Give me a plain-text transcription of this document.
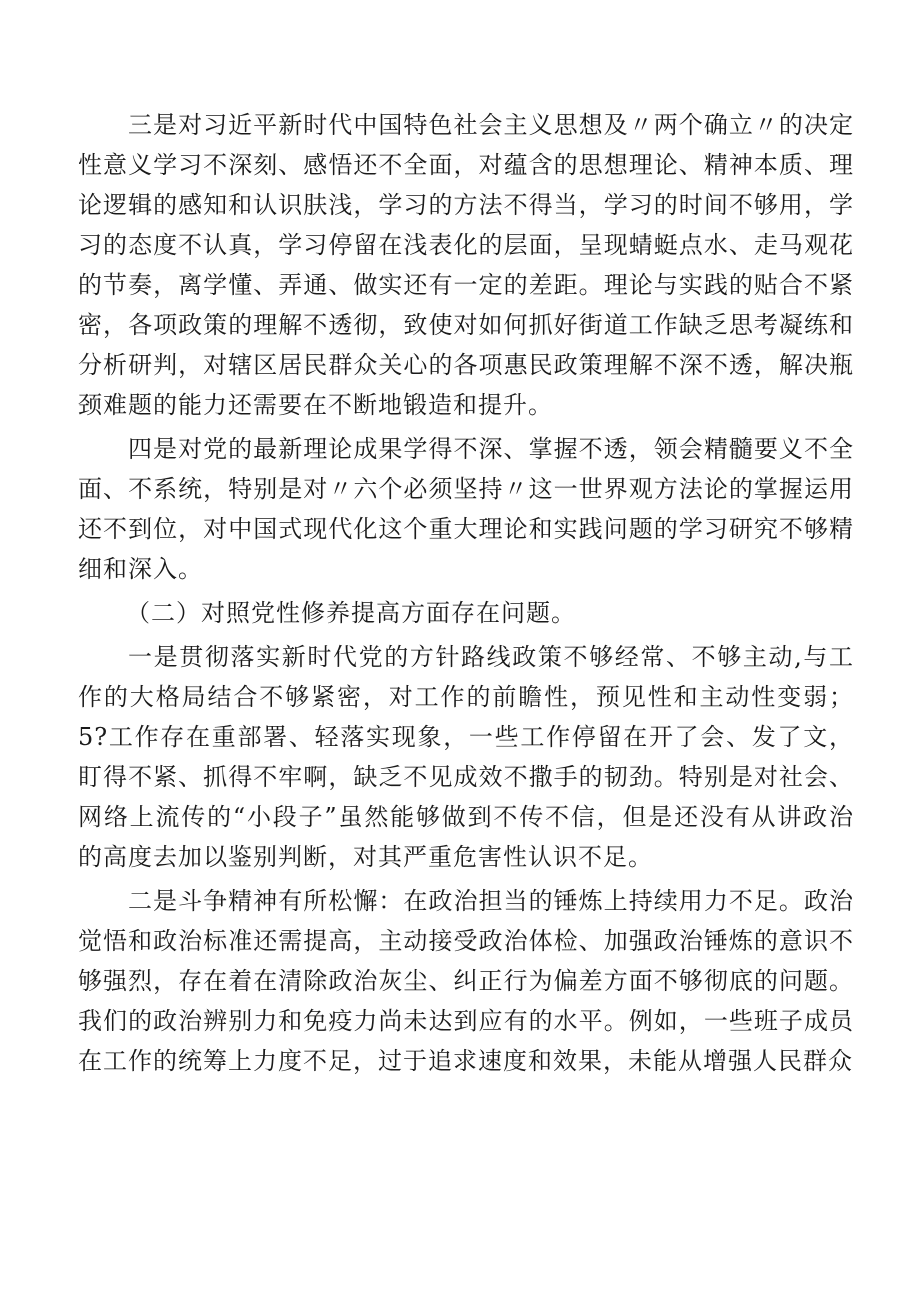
三是对习近平新时代中国特色社会主义思想及〃两个确立〃的决定性意义学习不深刻、感悟还不全面，对蕴含的思想理论、精神本质、理论逻辑的感知和认识肤浅，学习的方法不得当，学习的时间不够用，学习的态度不认真，学习停留在浅表化的层面，呈现蜻蜓点水、走马观花的节奏，离学懂、弄通、做实还有一定的差距。理论与实践的贴合不紧密，各项政策的理解不透彻，致使对如何抓好街道工作缺乏思考凝练和分析研判，对辖区居民群众关心的各项惠民政策理解不深不透，解决瓶颈难题的能力还需要在不断地锻造和提升。

四是对党的最新理论成果学得不深、掌握不透，领会精髓要义不全面、不系统，特别是对〃六个必须坚持〃这一世界观方法论的掌握运用还不到位，对中国式现代化这个重大理论和实践问题的学习研究不够精细和深入。

（二）对照党性修养提高方面存在问题。

一是贯彻落实新时代党的方针路线政策不够经常、不够主动,与工作的大格局结合不够紧密，对工作的前瞻性，预见性和主动性变弱；5?工作存在重部署、轻落实现象，一些工作停留在开了会、发了文，盯得不紧、抓得不牢啊，缺乏不见成效不撒手的韧劲。特别是对社会、网络上流传的“小段子”虽然能够做到不传不信，但是还没有从讲政治的高度去加以鉴别判断，对其严重危害性认识不足。

二是斗争精神有所松懈：在政治担当的锤炼上持续用力不足。政治觉悟和政治标准还需提高，主动接受政治体检、加强政治锤炼的意识不够强烈，存在着在清除政治灰尘、纠正行为偏差方面不够彻底的问题。我们的政治辨别力和免疫力尚未达到应有的水平。例如，一些班子成员在工作的统筹上力度不足，过于追求速度和效果，未能从增强人民群众
